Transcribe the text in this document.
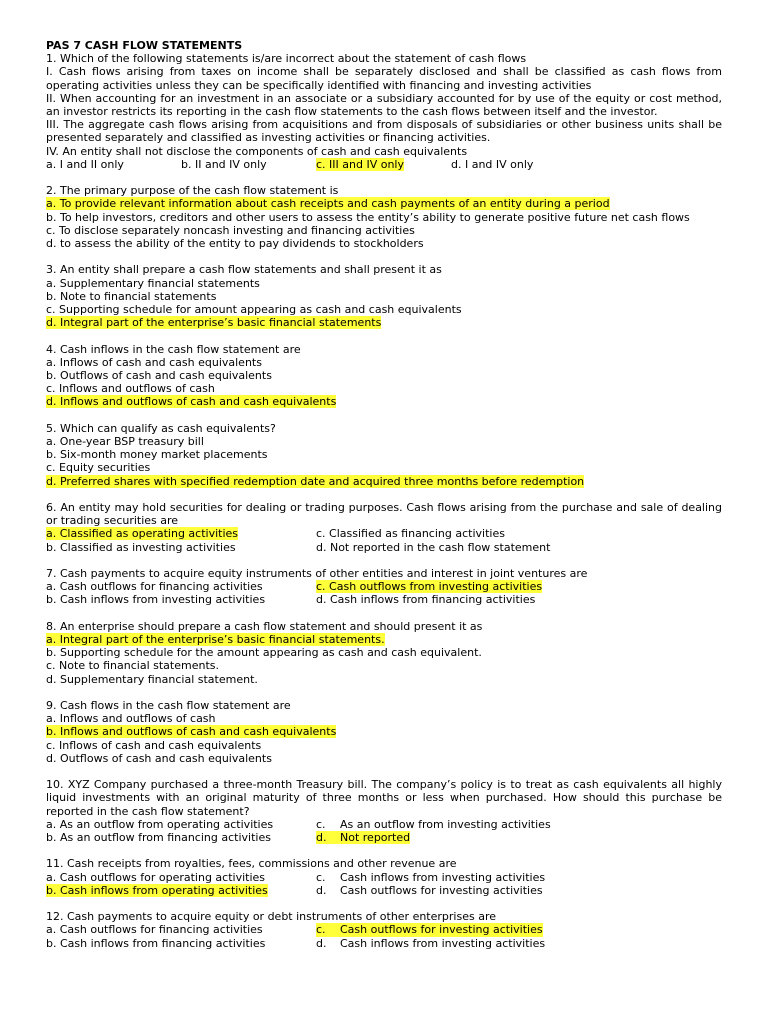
PAS 7 CASH FLOW STATEMENTS
1. Which of the following statements is/are incorrect about the statement of cash flows
I. Cash flows arising from taxes on income shall be separately disclosed and shall be classified as cash flows from operating activities unless they can be specifically identified with financing and investing activities
II. When accounting for an investment in an associate or a subsidiary accounted for by use of the equity or cost method, an investor restricts its reporting in the cash flow statements to the cash flows between itself and the investor.
III. The aggregate cash flows arising from acquisitions and from disposals of subsidiaries or other business units shall be presented separately and classified as investing activities or financing activities.
IV. An entity shall not disclose the components of cash and cash equivalents
a. I and II only	b. II and IV only	c. III and IV only	d. I and IV only
2. The primary purpose of the cash flow statement is
a. To provide relevant information about cash receipts and cash payments of an entity during a period
b. To help investors, creditors and other users to assess the entity’s ability to generate positive future net cash flows
c. To disclose separately noncash investing and financing activities
d. to assess the ability of the entity to pay dividends to stockholders
3. An entity shall prepare a cash flow statements and shall present it as
a. Supplementary financial statements
b. Note to financial statements
c. Supporting schedule for amount appearing as cash and cash equivalents
d. Integral part of the enterprise’s basic financial statements
4. Cash inflows in the cash flow statement are
a. Inflows of cash and cash equivalents
b. Outflows of cash and cash equivalents
c. Inflows and outflows of cash
d. Inflows and outflows of cash and cash equivalents
5. Which can qualify as cash equivalents?
a. One-year BSP treasury bill
b. Six-month money market placements
c. Equity securities
d. Preferred shares with specified redemption date and acquired three months before redemption
6. An entity may hold securities for dealing or trading purposes. Cash flows arising from the purchase and sale of dealing or trading securities are
a. Classified as operating activities	c. Classified as financing activities
b. Classified as investing activities	d. Not reported in the cash flow statement
7. Cash payments to acquire equity instruments of other entities and interest in joint ventures are
a. Cash outflows for financing activities	c. Cash outflows from investing activities
b. Cash inflows from investing activities	d. Cash inflows from financing activities
8. An enterprise should prepare a cash flow statement and should present it as
a. Integral part of the enterprise’s basic financial statements.
b. Supporting schedule for the amount appearing as cash and cash equivalent.
c. Note to financial statements.
d. Supplementary financial statement.
9. Cash flows in the cash flow statement are
a. Inflows and outflows of cash
b. Inflows and outflows of cash and cash equivalents
c. Inflows of cash and cash equivalents
d. Outflows of cash and cash equivalents
10. XYZ Company purchased a three-month Treasury bill. The company’s policy is to treat as cash equivalents all highly liquid investments with an original maturity of three months or less when purchased. How should this purchase be reported in the cash flow statement?
a. As an outflow from operating activities	c. As an outflow from investing activities
b. As an outflow from financing activities	d. Not reported
11. Cash receipts from royalties, fees, commissions and other revenue are
a. Cash outflows for operating activities	c. Cash inflows from investing activities
b. Cash inflows from operating activities	d. Cash outflows for investing activities
12. Cash payments to acquire equity or debt instruments of other enterprises are
a. Cash outflows for financing activities	c. Cash outflows for investing activities
b. Cash inflows from financing activities	d. Cash inflows from investing activities
